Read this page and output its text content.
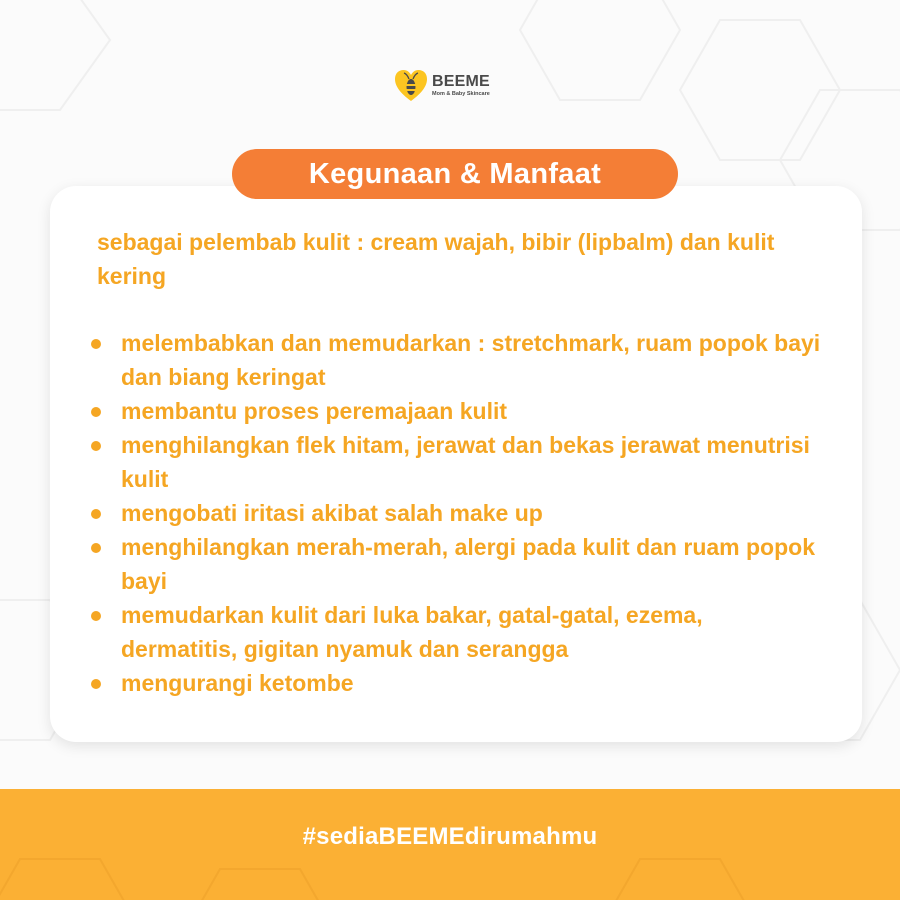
BEEME
Mom & Baby Skincare
Kegunaan & Manfaat

sebagai pelembab kulit : cream wajah, bibir (lipbalm) dan kulit kering

melembabkan dan memudarkan : stretchmark, ruam popok bayi dan biang keringat
membantu proses peremajaan kulit
menghilangkan flek hitam, jerawat dan bekas jerawat menutrisi kulit
mengobati iritasi akibat salah make up
menghilangkan merah-merah, alergi pada kulit dan ruam popok bayi
memudarkan kulit dari luka bakar, gatal-gatal, ezema, dermatitis, gigitan nyamuk dan serangga
mengurangi ketombe
#sediaBEEMEdirumahmu
